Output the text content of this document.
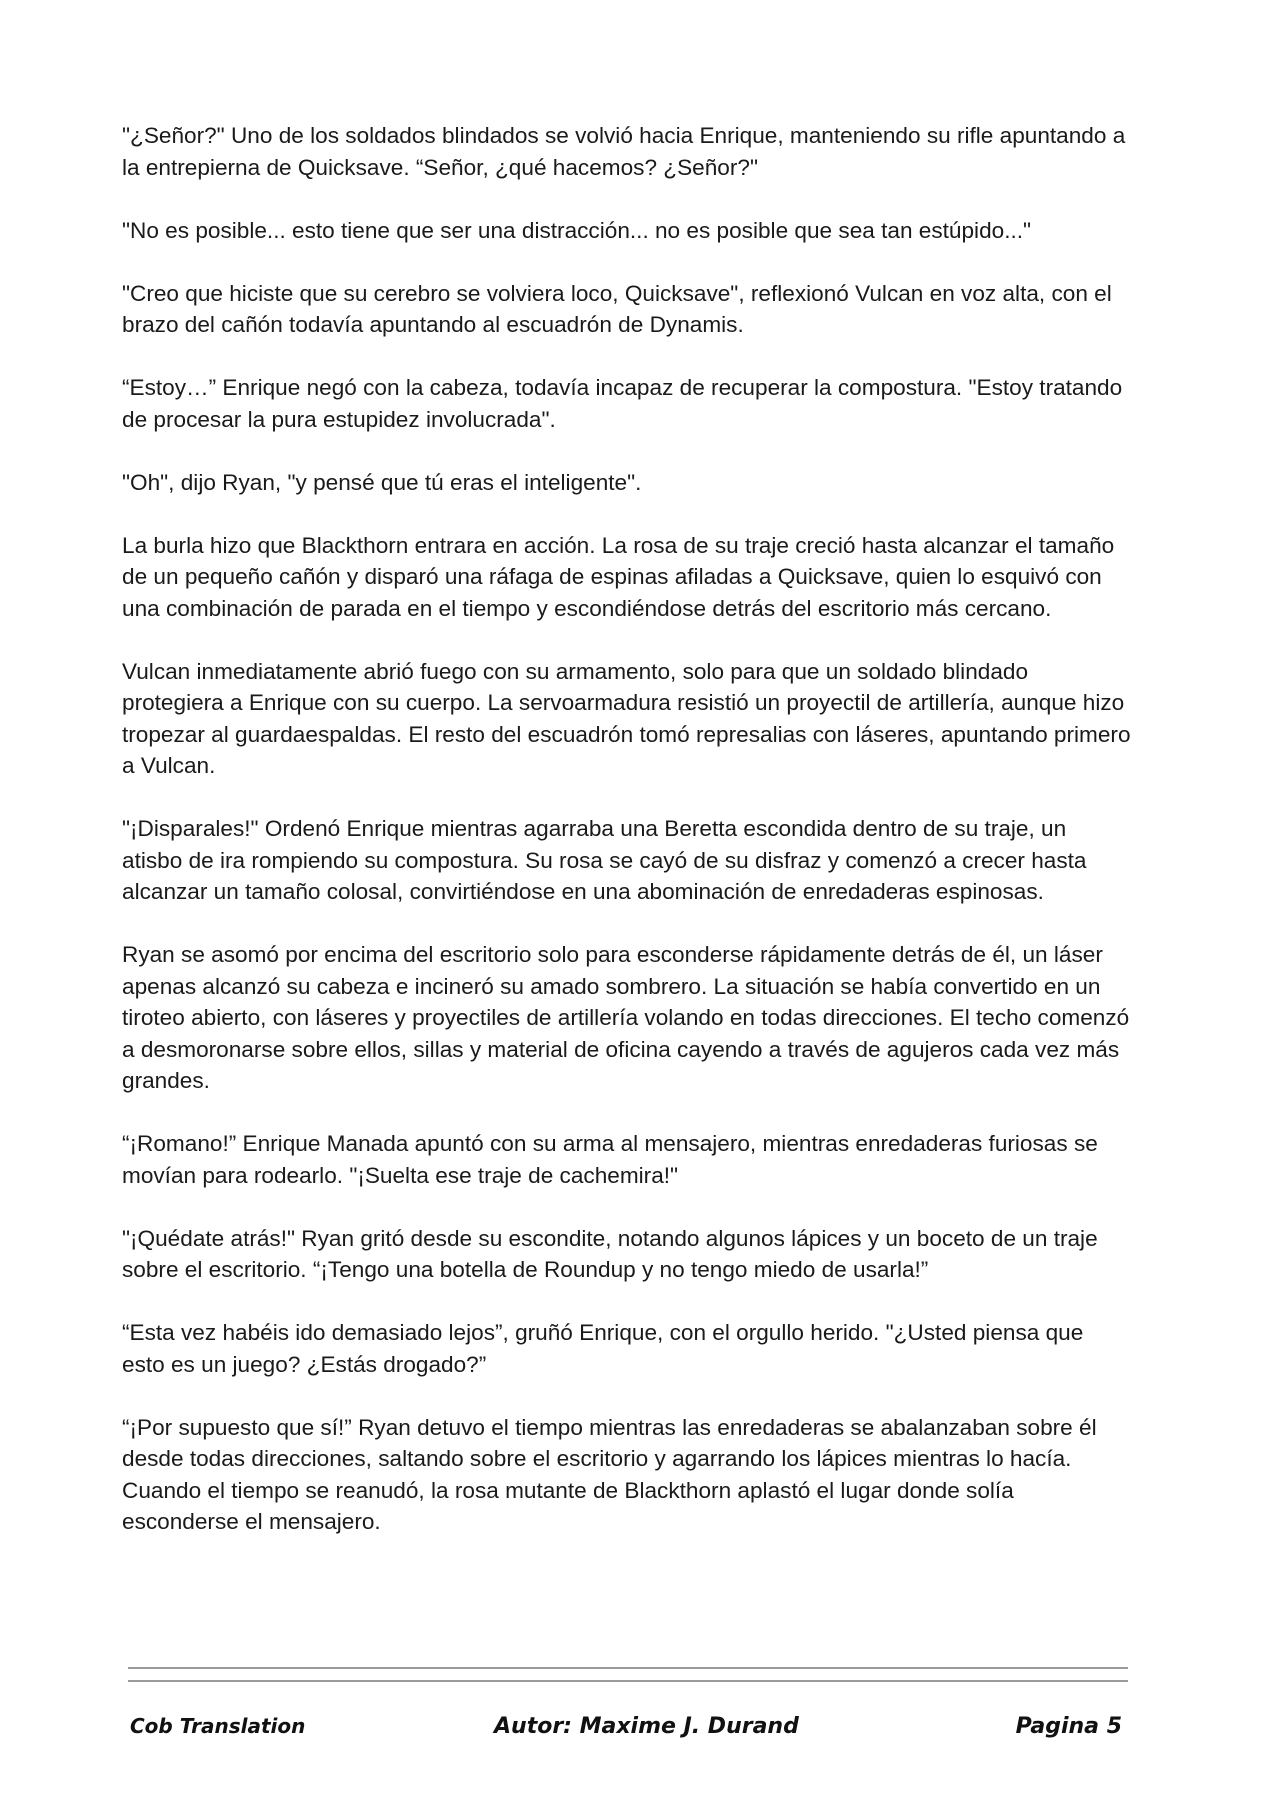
"¿Señor?" Uno de los soldados blindados se volvió hacia Enrique, manteniendo su rifle apuntando a la entrepierna de Quicksave. “Señor, ¿qué hacemos? ¿Señor?"

"No es posible... esto tiene que ser una distracción... no es posible que sea tan estúpido..."

"Creo que hiciste que su cerebro se volviera loco, Quicksave", reflexionó Vulcan en voz alta, con el brazo del cañón todavía apuntando al escuadrón de Dynamis.

“Estoy…” Enrique negó con la cabeza, todavía incapaz de recuperar la compostura. "Estoy tratando de procesar la pura estupidez involucrada".

"Oh", dijo Ryan, "y pensé que tú eras el inteligente".

La burla hizo que Blackthorn entrara en acción. La rosa de su traje creció hasta alcanzar el tamaño de un pequeño cañón y disparó una ráfaga de espinas afiladas a Quicksave, quien lo esquivó con una combinación de parada en el tiempo y escondiéndose detrás del escritorio más cercano.

Vulcan inmediatamente abrió fuego con su armamento, solo para que un soldado blindado protegiera a Enrique con su cuerpo. La servoarmadura resistió un proyectil de artillería, aunque hizo tropezar al guardaespaldas. El resto del escuadrón tomó represalias con láseres, apuntando primero a Vulcan.

"¡Disparales!" Ordenó Enrique mientras agarraba una Beretta escondida dentro de su traje, un atisbo de ira rompiendo su compostura. Su rosa se cayó de su disfraz y comenzó a crecer hasta alcanzar un tamaño colosal, convirtiéndose en una abominación de enredaderas espinosas.

Ryan se asomó por encima del escritorio solo para esconderse rápidamente detrás de él, un láser apenas alcanzó su cabeza e incineró su amado sombrero. La situación se había convertido en un tiroteo abierto, con láseres y proyectiles de artillería volando en todas direcciones. El techo comenzó a desmoronarse sobre ellos, sillas y material de oficina cayendo a través de agujeros cada vez más grandes.

“¡Romano!” Enrique Manada apuntó con su arma al mensajero, mientras enredaderas furiosas se movían para rodearlo. "¡Suelta ese traje de cachemira!"

"¡Quédate atrás!" Ryan gritó desde su escondite, notando algunos lápices y un boceto de un traje sobre el escritorio. “¡Tengo una botella de Roundup y no tengo miedo de usarla!”

“Esta vez habéis ido demasiado lejos”, gruñó Enrique, con el orgullo herido. "¿Usted piensa que esto es un juego? ¿Estás drogado?”

“¡Por supuesto que sí!” Ryan detuvo el tiempo mientras las enredaderas se abalanzaban sobre él desde todas direcciones, saltando sobre el escritorio y agarrando los lápices mientras lo hacía. Cuando el tiempo se reanudó, la rosa mutante de Blackthorn aplastó el lugar donde solía esconderse el mensajero.

Cob Translation	Autor: Maxime J. Durand	Pagina 5
